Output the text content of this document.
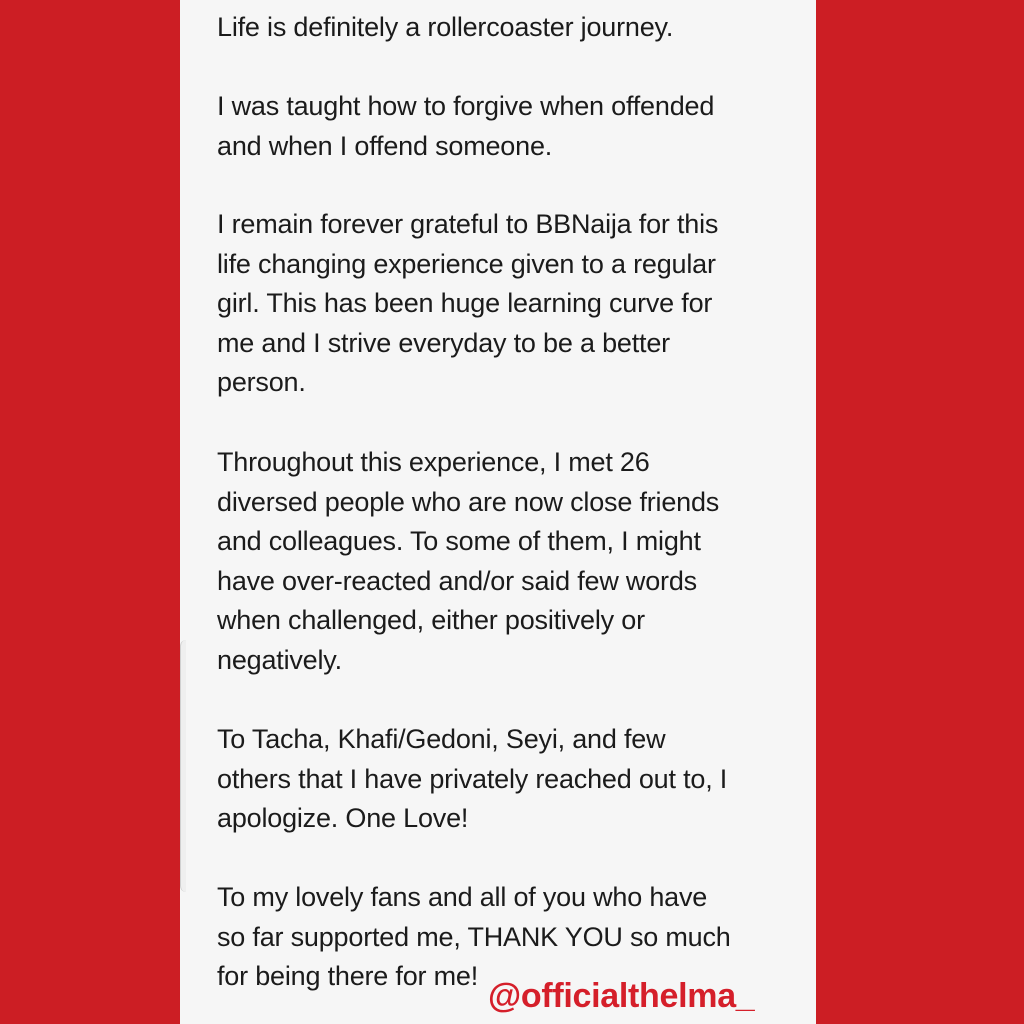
Life is definitely a rollercoaster journey.

I was taught how to forgive when offended
and when I offend someone.

I remain forever grateful to BBNaija for this
life changing experience given to a regular
girl. This has been huge learning curve for
me and I strive everyday to be a better
person.

Throughout this experience, I met 26
diversed people who are now close friends
and colleagues. To some of them, I might
have over-reacted and/or said few words
when challenged, either positively or
negatively.

To Tacha, Khafi/Gedoni, Seyi, and few
others that I have privately reached out to, I
apologize. One Love!

To my lovely fans and all of you who have
so far supported me, THANK YOU so much
for being there for me!

@officialthelma_
